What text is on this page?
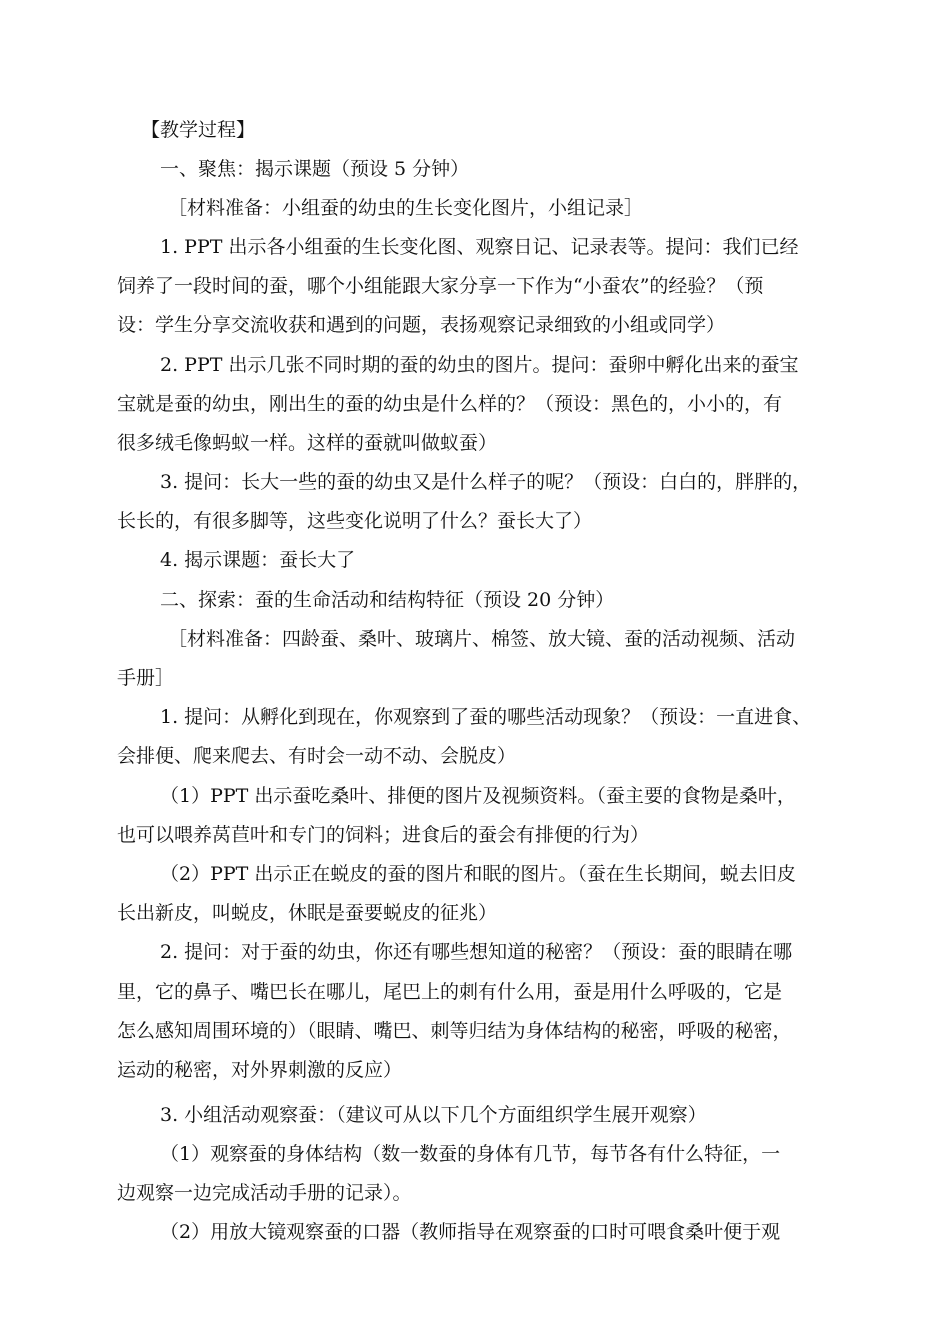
【教学过程】
一、聚焦：揭示课题（预设 5 分钟）
［材料准备：小组蚕的幼虫的生长变化图片，小组记录］
1. PPT 出示各小组蚕的生长变化图、观察日记、记录表等。提问：我们已经
饲养了一段时间的蚕，哪个小组能跟大家分享一下作为“小蚕农”的经验？（预
设：学生分享交流收获和遇到的问题，表扬观察记录细致的小组或同学）
2. PPT 出示几张不同时期的蚕的幼虫的图片。提问：蚕卵中孵化出来的蚕宝
宝就是蚕的幼虫，刚出生的蚕的幼虫是什么样的？（预设：黑色的，小小的，有
很多绒毛像蚂蚁一样。这样的蚕就叫做蚁蚕）
3. 提问：长大一些的蚕的幼虫又是什么样子的呢？（预设：白白的，胖胖的，
长长的，有很多脚等，这些变化说明了什么？蚕长大了）
4. 揭示课题：蚕长大了
二、探索：蚕的生命活动和结构特征（预设 20 分钟）
［材料准备：四龄蚕、桑叶、玻璃片、棉签、放大镜、蚕的活动视频、活动
手册］
1. 提问：从孵化到现在，你观察到了蚕的哪些活动现象？（预设：一直进食、
会排便、爬来爬去、有时会一动不动、会脱皮）
（1）PPT 出示蚕吃桑叶、排便的图片及视频资料。（蚕主要的食物是桑叶，
也可以喂养莴苣叶和专门的饲料；进食后的蚕会有排便的行为）
（2）PPT 出示正在蜕皮的蚕的图片和眠的图片。（蚕在生长期间，蜕去旧皮
长出新皮，叫蜕皮，休眠是蚕要蜕皮的征兆）
2. 提问：对于蚕的幼虫，你还有哪些想知道的秘密？（预设：蚕的眼睛在哪
里，它的鼻子、嘴巴长在哪儿，尾巴上的刺有什么用，蚕是用什么呼吸的，它是
怎么感知周围环境的）（眼睛、嘴巴、刺等归结为身体结构的秘密，呼吸的秘密，
运动的秘密，对外界刺激的反应）
3. 小组活动观察蚕：（建议可从以下几个方面组织学生展开观察）
（1）观察蚕的身体结构（数一数蚕的身体有几节，每节各有什么特征，一
边观察一边完成活动手册的记录）。
（2）用放大镜观察蚕的口器（教师指导在观察蚕的口时可喂食桑叶便于观
